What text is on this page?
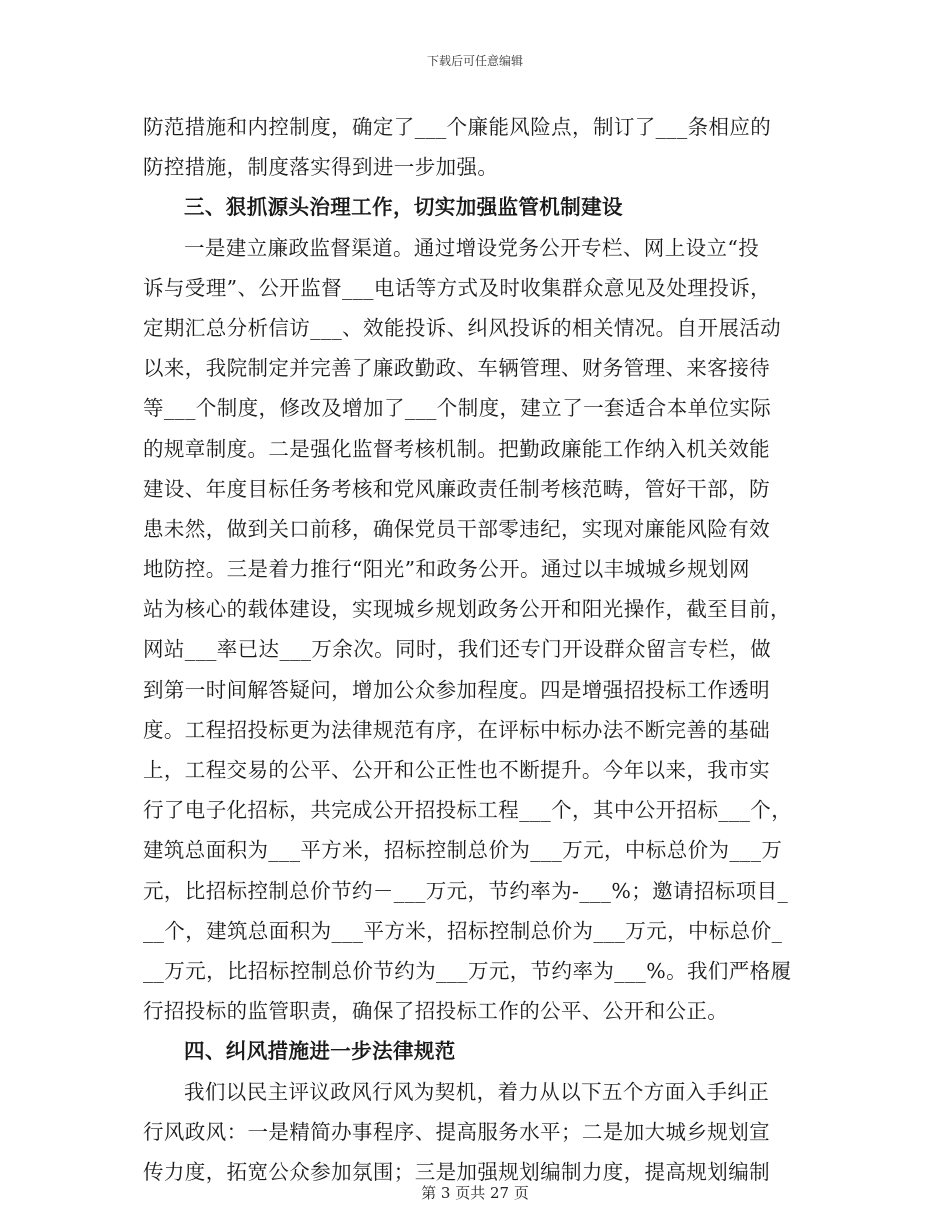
下载后可任意编辑
防范措施和内控制度，确定了___个廉能风险点，制订了___条相应的
防控措施，制度落实得到进一步加强。
三、狠抓源头治理工作，切实加强监管机制建设
一是建立廉政监督渠道。通过增设党务公开专栏、网上设立“投
诉与受理”、公开监督___电话等方式及时收集群众意见及处理投诉，
定期汇总分析信访___、效能投诉、纠风投诉的相关情况。自开展活动
以来，我院制定并完善了廉政勤政、车辆管理、财务管理、来客接待
等___个制度，修改及增加了___个制度，建立了一套适合本单位实际
的规章制度。二是强化监督考核机制。把勤政廉能工作纳入机关效能
建设、年度目标任务考核和党风廉政责任制考核范畴，管好干部，防
患未然，做到关口前移，确保党员干部零违纪，实现对廉能风险有效
地防控。三是着力推行“阳光”和政务公开。通过以丰城城乡规划网
站为核心的载体建设，实现城乡规划政务公开和阳光操作，截至目前，
网站___率已达___万余次。同时，我们还专门开设群众留言专栏，做
到第一时间解答疑问，增加公众参加程度。四是增强招投标工作透明
度。工程招投标更为法律规范有序，在评标中标办法不断完善的基础
上，工程交易的公平、公开和公正性也不断提升。今年以来，我市实
行了电子化招标，共完成公开招投标工程___个，其中公开招标___个，
建筑总面积为___平方米，招标控制总价为___万元，中标总价为___万
元，比招标控制总价节约－___万元，节约率为-___%；邀请招标项目_
__个，建筑总面积为___平方米，招标控制总价为___万元，中标总价_
__万元，比招标控制总价节约为___万元，节约率为___%。我们严格履
行招投标的监管职责，确保了招投标工作的公平、公开和公正。
四、纠风措施进一步法律规范
我们以民主评议政风行风为契机，着力从以下五个方面入手纠正
行风政风：一是精简办事程序、提高服务水平；二是加大城乡规划宣
传力度，拓宽公众参加氛围；三是加强规划编制力度，提高规划编制
第 3 页共 27 页
